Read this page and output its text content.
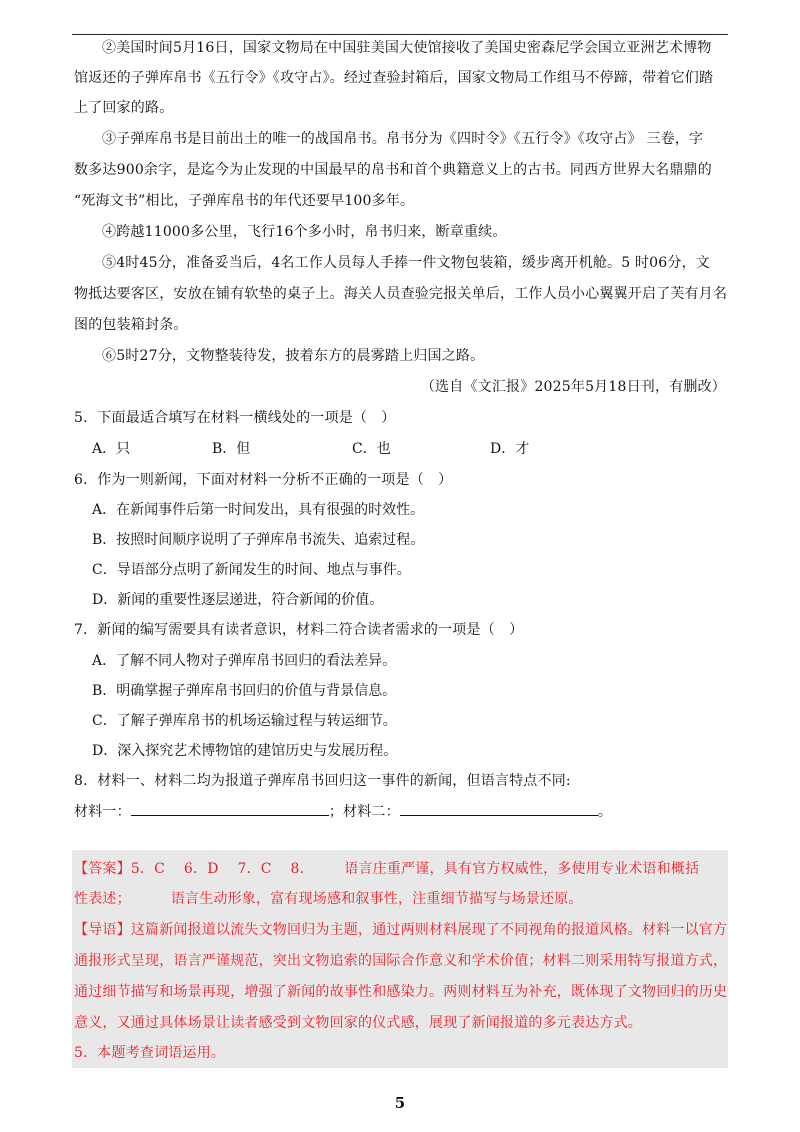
②美国时间5月16日，国家文物局在中国驻美国大使馆接收了美国史密森尼学会国立亚洲艺术博物
馆返还的子弹库帛书《五行令》《攻守占》。经过查验封箱后，国家文物局工作组马不停蹄，带着它们踏
上了回家的路。
③子弹库帛书是目前出土的唯一的战国帛书。帛书分为《四时令》《五行令》《攻守占》 三卷，字
数多达900余字，是迄今为止发现的中国最早的帛书和首个典籍意义上的古书。同西方世界大名鼎鼎的
“死海文书”相比，子弹库帛书的年代还要早100多年。
④跨越11000多公里，飞行16个多小时，帛书归来，断章重续。
⑤4时45分，准备妥当后，4名工作人员每人手捧一件文物包装箱，缓步离开机舱。5 时06分，文
物抵达要客区，安放在铺有软垫的桌子上。海关人员查验完报关单后，工作人员小心翼翼开启了芙有月名
图的包装箱封条。
⑥5时27分，文物整装待发，披着东方的晨雾踏上归国之路。
（选自《文汇报》2025年5月18日刊，有删改）
5．下面最适合填写在材料一横线处的一项是（　）
A．只	B．但	C．也	D．才
6．作为一则新闻，下面对材料一分析不正确的一项是（　）
A．在新闻事件后第一时间发出，具有很强的时效性。
B．按照时间顺序说明了子弹库帛书流失、追索过程。
C．导语部分点明了新闻发生的时间、地点与事件。
D．新闻的重要性逐层递进，符合新闻的价值。
7．新闻的编写需要具有读者意识，材料二符合读者需求的一项是（　）
A．了解不同人物对子弹库帛书回归的看法差异。
B．明确掌握子弹库帛书回归的价值与背景信息。
C．了解子弹库帛书的机场运输过程与转运细节。
D．深入探究艺术博物馆的建馆历史与发展历程。
8．材料一、材料二均为报道子弹库帛书回归这一事件的新闻，但语言特点不同:
材料一：	；材料二：	。
【答案】5．C　 6．D　 7．C　 8.	语言庄重严谨，具有官方权威性，多使用专业术语和概括
性表述；	语言生动形象，富有现场感和叙事性，注重细节描写与场景还原。
【导语】这篇新闻报道以流失文物回归为主题，通过两则材料展现了不同视角的报道风格。材料一以官方
通报形式呈现，语言严谨规范，突出文物追索的国际合作意义和学术价值；材料二则采用特写报道方式，
通过细节描写和场景再现，增强了新闻的故事性和感染力。两则材料互为补充，既体现了文物回归的历史
意义，又通过具体场景让读者感受到文物回家的仪式感，展现了新闻报道的多元表达方式。
5．本题考查词语运用。
5
